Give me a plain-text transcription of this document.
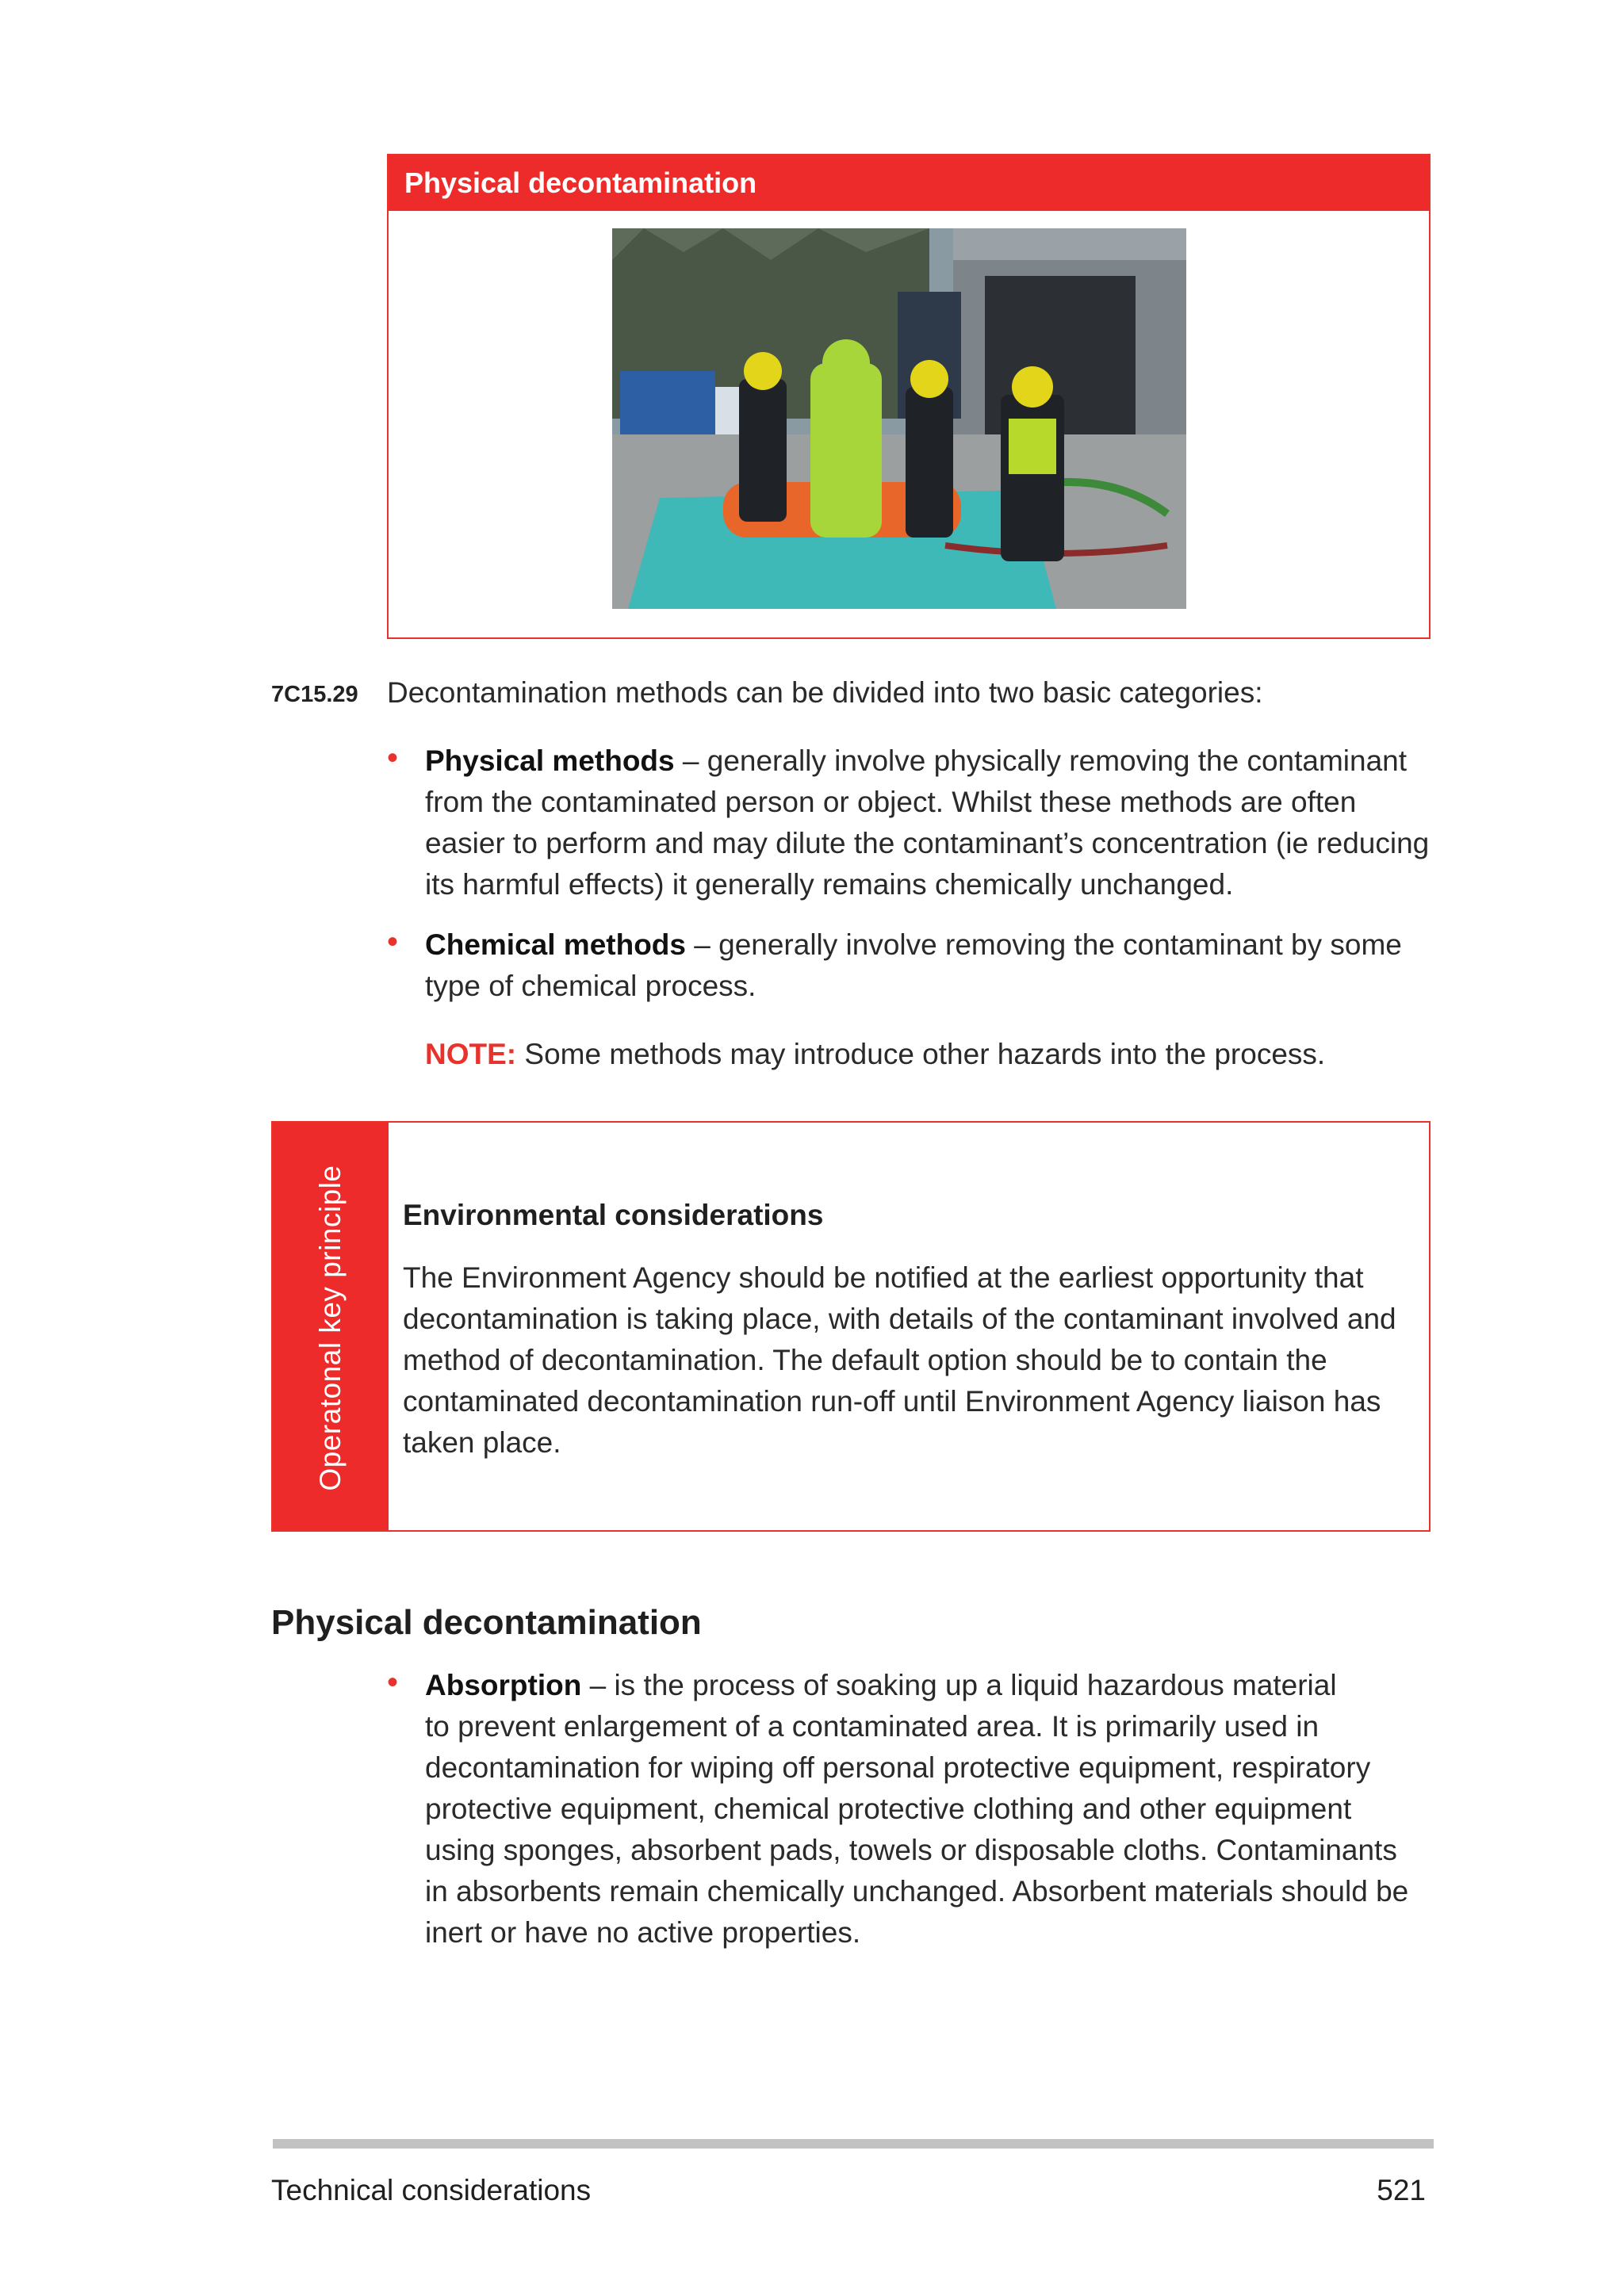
Physical decontamination
7C15.29 Decontamination methods can be divided into two basic categories:
• Physical methods – generally involve physically removing the contaminant
from the contaminated person or object. Whilst these methods are often
easier to perform and may dilute the contaminant’s concentration (ie reducing
its harmful effects) it generally remains chemically unchanged.
• Chemical methods – generally involve removing the contaminant by some
type of chemical process.
NOTE: Some methods may introduce other hazards into the process.
Operatonal key principle Environmental considerations
The Environment Agency should be notified at the earliest opportunity that
decontamination is taking place, with details of the contaminant involved and
method of decontamination. The default option should be to contain the
contaminated decontamination run-off until Environment Agency liaison has
taken place.
Physical decontamination
• Absorption – is the process of soaking up a liquid hazardous material
to prevent enlargement of a contaminated area. It is primarily used in
decontamination for wiping off personal protective equipment, respiratory
protective equipment, chemical protective clothing and other equipment
using sponges, absorbent pads, towels or disposable cloths. Contaminants
in absorbents remain chemically unchanged. Absorbent materials should be
inert or have no active properties.
Technical considerations	521
